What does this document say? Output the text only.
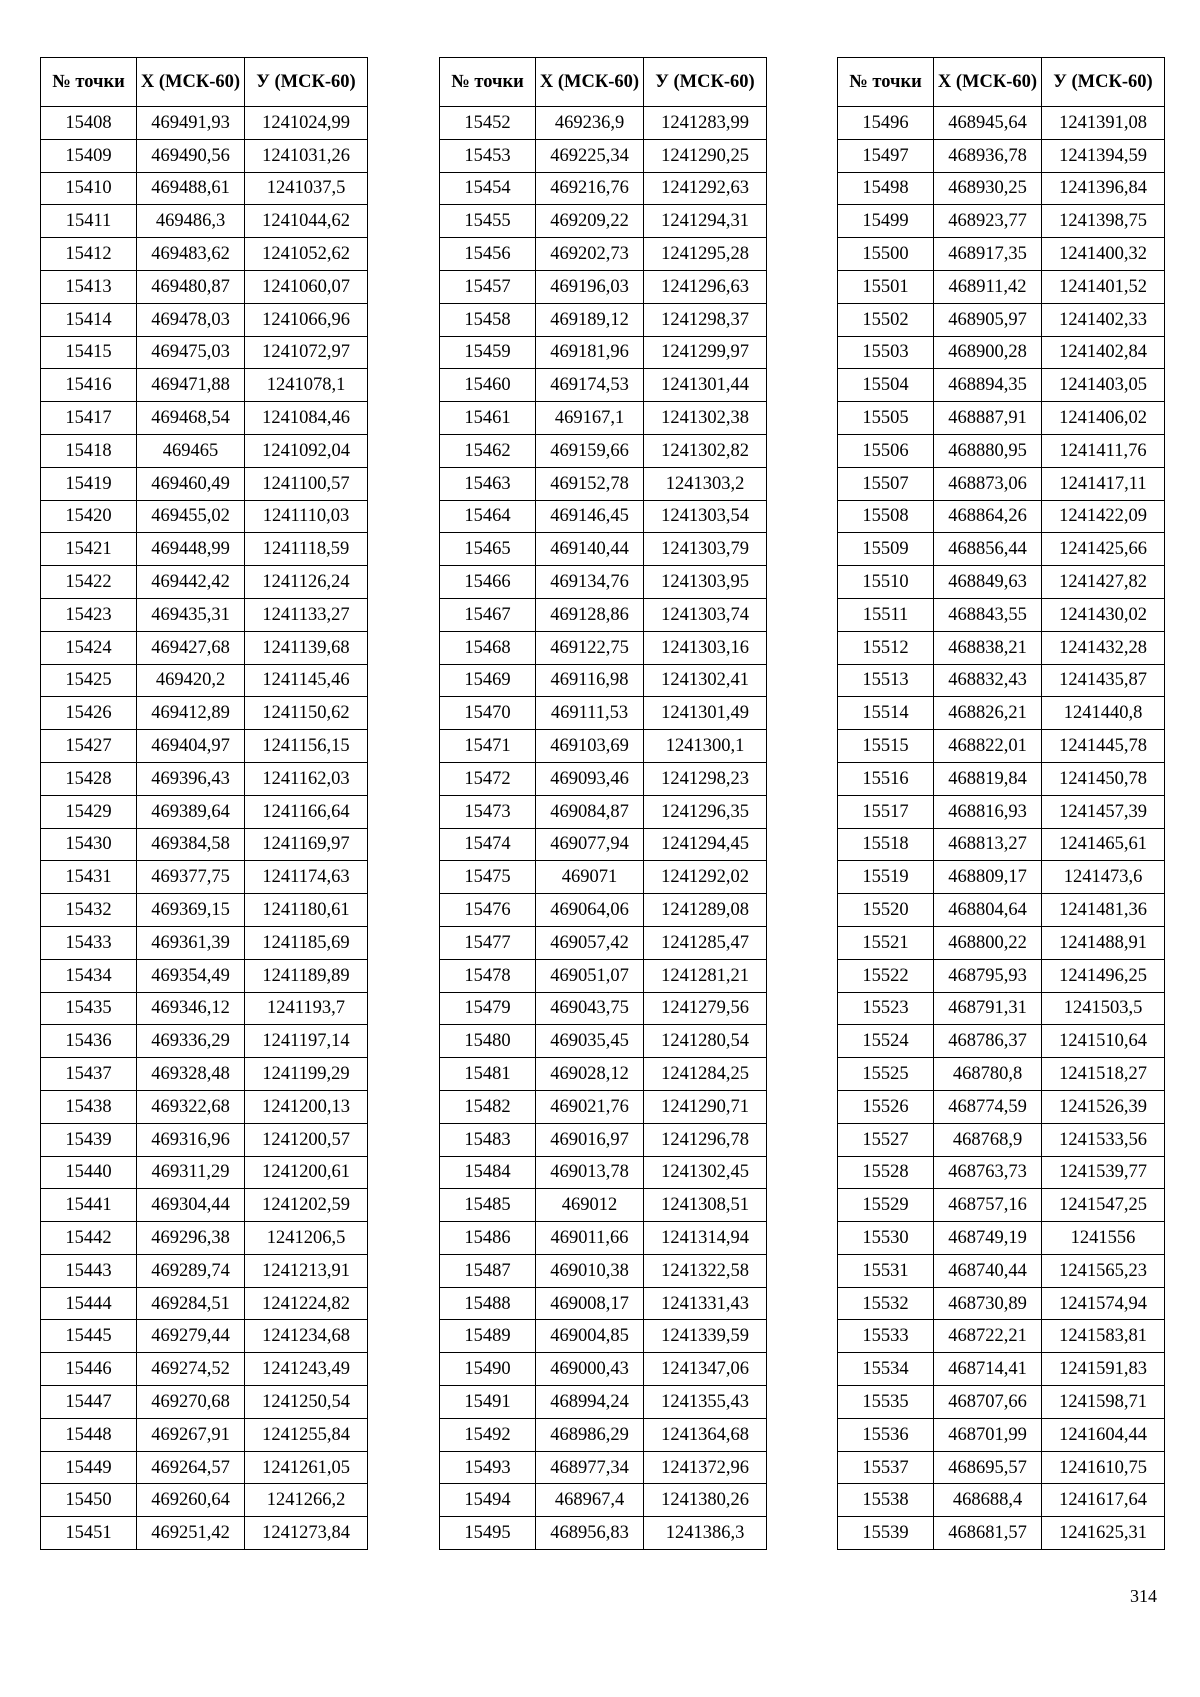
№ точки	Х (МСК-60)	У (МСК-60)
15408	469491,93	1241024,99
15409	469490,56	1241031,26
15410	469488,61	1241037,5
15411	469486,3	1241044,62
15412	469483,62	1241052,62
15413	469480,87	1241060,07
15414	469478,03	1241066,96
15415	469475,03	1241072,97
15416	469471,88	1241078,1
15417	469468,54	1241084,46
15418	469465	1241092,04
15419	469460,49	1241100,57
15420	469455,02	1241110,03
15421	469448,99	1241118,59
15422	469442,42	1241126,24
15423	469435,31	1241133,27
15424	469427,68	1241139,68
15425	469420,2	1241145,46
15426	469412,89	1241150,62
15427	469404,97	1241156,15
15428	469396,43	1241162,03
15429	469389,64	1241166,64
15430	469384,58	1241169,97
15431	469377,75	1241174,63
15432	469369,15	1241180,61
15433	469361,39	1241185,69
15434	469354,49	1241189,89
15435	469346,12	1241193,7
15436	469336,29	1241197,14
15437	469328,48	1241199,29
15438	469322,68	1241200,13
15439	469316,96	1241200,57
15440	469311,29	1241200,61
15441	469304,44	1241202,59
15442	469296,38	1241206,5
15443	469289,74	1241213,91
15444	469284,51	1241224,82
15445	469279,44	1241234,68
15446	469274,52	1241243,49
15447	469270,68	1241250,54
15448	469267,91	1241255,84
15449	469264,57	1241261,05
15450	469260,64	1241266,2
15451	469251,42	1241273,84
№ точки	Х (МСК-60)	У (МСК-60)
15452	469236,9	1241283,99
15453	469225,34	1241290,25
15454	469216,76	1241292,63
15455	469209,22	1241294,31
15456	469202,73	1241295,28
15457	469196,03	1241296,63
15458	469189,12	1241298,37
15459	469181,96	1241299,97
15460	469174,53	1241301,44
15461	469167,1	1241302,38
15462	469159,66	1241302,82
15463	469152,78	1241303,2
15464	469146,45	1241303,54
15465	469140,44	1241303,79
15466	469134,76	1241303,95
15467	469128,86	1241303,74
15468	469122,75	1241303,16
15469	469116,98	1241302,41
15470	469111,53	1241301,49
15471	469103,69	1241300,1
15472	469093,46	1241298,23
15473	469084,87	1241296,35
15474	469077,94	1241294,45
15475	469071	1241292,02
15476	469064,06	1241289,08
15477	469057,42	1241285,47
15478	469051,07	1241281,21
15479	469043,75	1241279,56
15480	469035,45	1241280,54
15481	469028,12	1241284,25
15482	469021,76	1241290,71
15483	469016,97	1241296,78
15484	469013,78	1241302,45
15485	469012	1241308,51
15486	469011,66	1241314,94
15487	469010,38	1241322,58
15488	469008,17	1241331,43
15489	469004,85	1241339,59
15490	469000,43	1241347,06
15491	468994,24	1241355,43
15492	468986,29	1241364,68
15493	468977,34	1241372,96
15494	468967,4	1241380,26
15495	468956,83	1241386,3
№ точки	Х (МСК-60)	У (МСК-60)
15496	468945,64	1241391,08
15497	468936,78	1241394,59
15498	468930,25	1241396,84
15499	468923,77	1241398,75
15500	468917,35	1241400,32
15501	468911,42	1241401,52
15502	468905,97	1241402,33
15503	468900,28	1241402,84
15504	468894,35	1241403,05
15505	468887,91	1241406,02
15506	468880,95	1241411,76
15507	468873,06	1241417,11
15508	468864,26	1241422,09
15509	468856,44	1241425,66
15510	468849,63	1241427,82
15511	468843,55	1241430,02
15512	468838,21	1241432,28
15513	468832,43	1241435,87
15514	468826,21	1241440,8
15515	468822,01	1241445,78
15516	468819,84	1241450,78
15517	468816,93	1241457,39
15518	468813,27	1241465,61
15519	468809,17	1241473,6
15520	468804,64	1241481,36
15521	468800,22	1241488,91
15522	468795,93	1241496,25
15523	468791,31	1241503,5
15524	468786,37	1241510,64
15525	468780,8	1241518,27
15526	468774,59	1241526,39
15527	468768,9	1241533,56
15528	468763,73	1241539,77
15529	468757,16	1241547,25
15530	468749,19	1241556
15531	468740,44	1241565,23
15532	468730,89	1241574,94
15533	468722,21	1241583,81
15534	468714,41	1241591,83
15535	468707,66	1241598,71
15536	468701,99	1241604,44
15537	468695,57	1241610,75
15538	468688,4	1241617,64
15539	468681,57	1241625,31
314
